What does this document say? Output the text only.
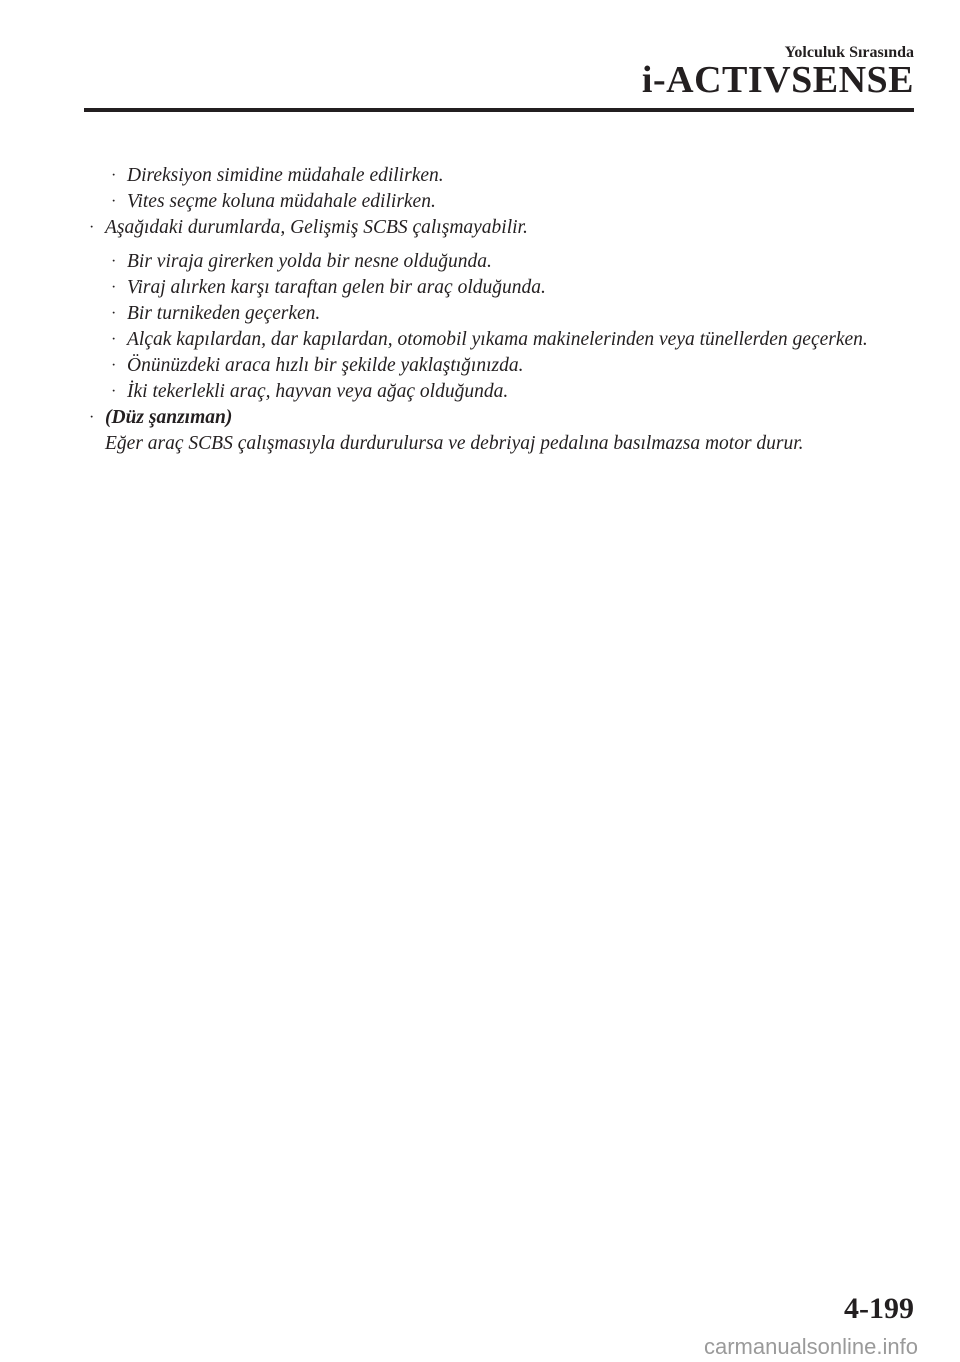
Yolculuk Sırasında
i-ACTIVSENSE
· Direksiyon simidine müdahale edilirken.
· Vites seçme koluna müdahale edilirken.
· Aşağıdaki durumlarda, Gelişmiş SCBS çalışmayabilir.
· Bir viraja girerken yolda bir nesne olduğunda.
· Viraj alırken karşı taraftan gelen bir araç olduğunda.
· Bir turnikeden geçerken.
· Alçak kapılardan, dar kapılardan, otomobil yıkama makinelerinden veya tünellerden geçerken.
· Önünüzdeki araca hızlı bir şekilde yaklaştığınızda.
· İki tekerlekli araç, hayvan veya ağaç olduğunda.
· (Düz şanzıman)
Eğer araç SCBS çalışmasıyla durdurulursa ve debriyaj pedalına basılmazsa motor durur.
4-199
carmanualsonline.info
